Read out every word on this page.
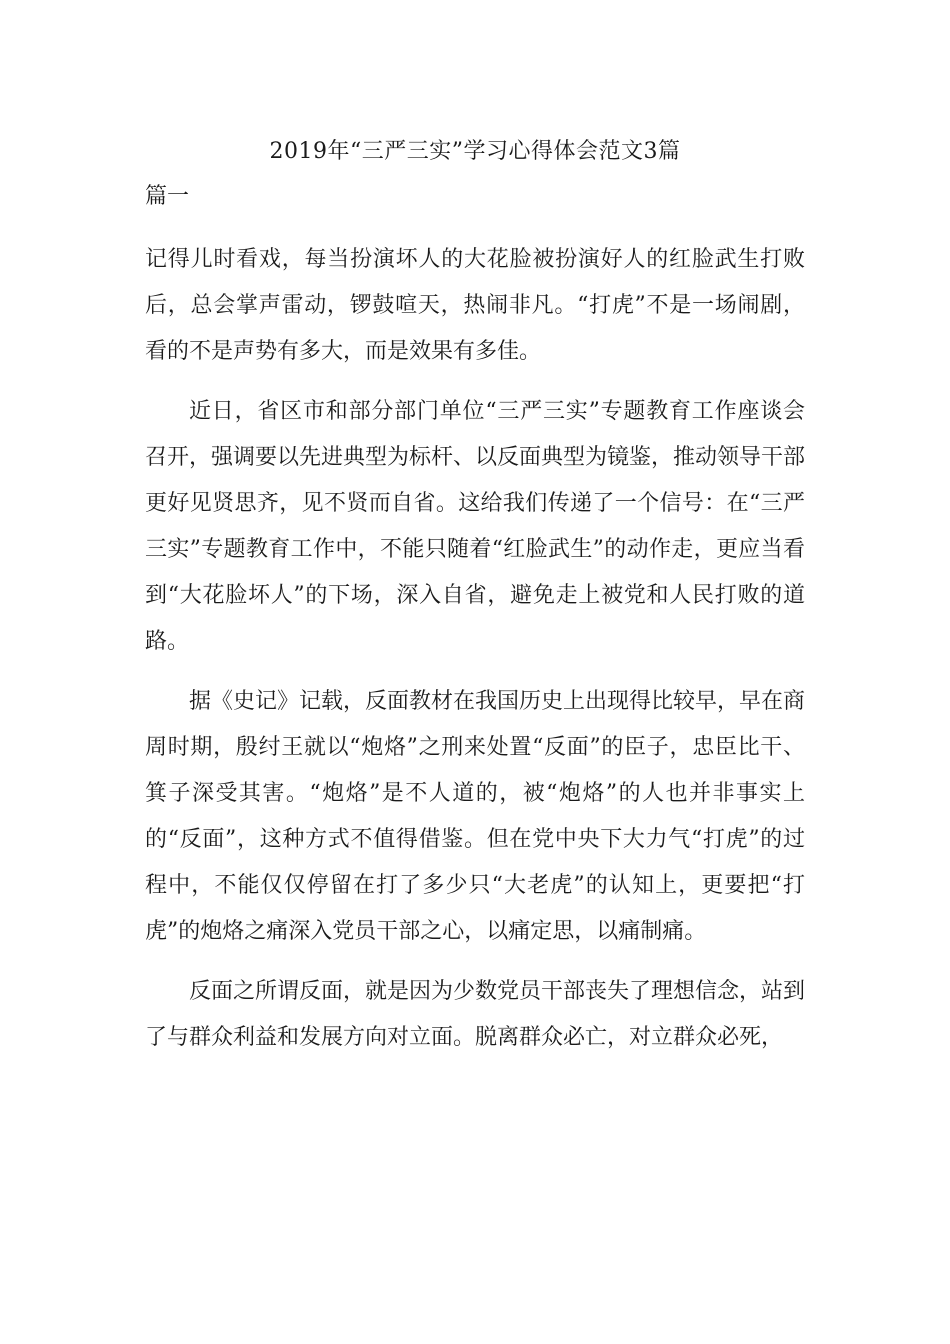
2019年“三严三实”学习心得体会范文3篇
篇一

记得儿时看戏，每当扮演坏人的大花脸被扮演好人的红脸武生打败后，总会掌声雷动，锣鼓喧天，热闹非凡。“打虎”不是一场闹剧，看的不是声势有多大，而是效果有多佳。

近日，省区市和部分部门单位“三严三实”专题教育工作座谈会召开，强调要以先进典型为标杆、以反面典型为镜鉴，推动领导干部更好见贤思齐，见不贤而自省。这给我们传递了一个信号：在“三严三实”专题教育工作中，不能只随着“红脸武生”的动作走，更应当看到“大花脸坏人”的下场，深入自省，避免走上被党和人民打败的道路。

据《史记》记载，反面教材在我国历史上出现得比较早，早在商周时期，殷纣王就以“炮烙”之刑来处置“反面”的臣子，忠臣比干、箕子深受其害。“炮烙”是不人道的，被“炮烙”的人也并非事实上的“反面”，这种方式不值得借鉴。但在党中央下大力气“打虎”的过程中，不能仅仅停留在打了多少只“大老虎”的认知上，更要把“打虎”的炮烙之痛深入党员干部之心，以痛定思，以痛制痛。

反面之所谓反面，就是因为少数党员干部丧失了理想信念，站到了与群众利益和发展方向对立面。脱离群众必亡，对立群众必死，
